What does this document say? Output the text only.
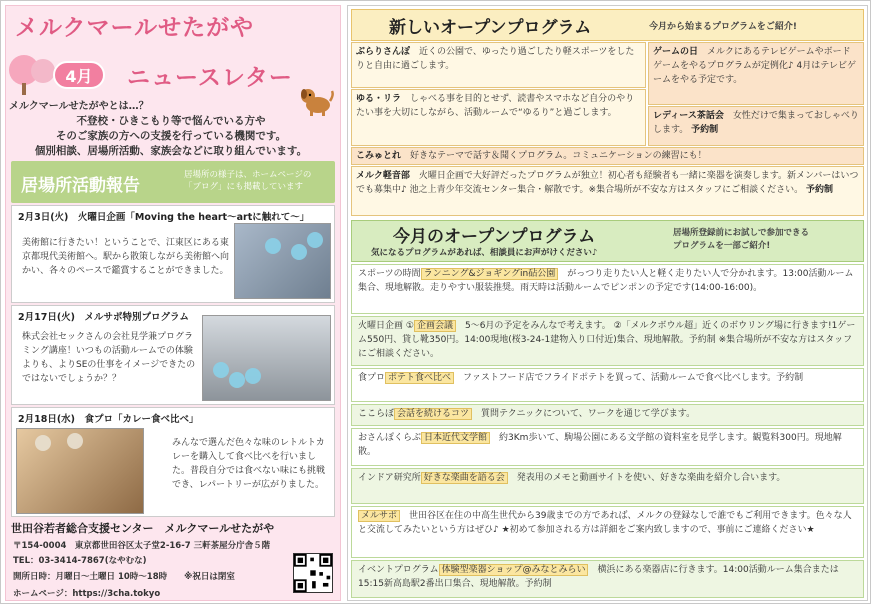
メルクマールせたがや
4月	ニュースレター
メルクマールせたがやとは…？
不登校・ひきこもり等で悩んでいる方や
そのご家族の方への支援を行っている機関です。
個別相談、居場所活動、家族会などに取り組んでいます。
居場所活動報告
居場所の様子は、ホームページの
「ブログ」にも掲載しています
2月3日(火)　火曜日企画「Moving the heart～artに触れて～」
美術館に行きたい！ということで、江東区にある東京都現代美術館へ。駅から散策しながら美術館へ向かい、各々のペースで鑑賞することができました。
2月17日(火)　メルサポ特別プログラム
株式会社セックさんの会社見学兼プログラミング講座！いつもの活動ルームでの体験よりも、よりSEの仕事をイメージできたのではないでしょうか？？
2月18日(水)　食プロ「カレー食べ比べ」
みんなで選んだ色々な味のレトルトカレーを購入して食べ比べを行いました。普段自分では食べない味にも挑戦でき、レパートリーが広がりました。
世田谷若者総合支援センター　メルクマールせたがや
〒154-0004　東京都世田谷区太子堂2-16-7 三軒茶屋分庁舎５階
TEL：03-3414-7867(なやむな)
開所日時：月曜日～土曜日 10時～18時　　※祝日は閉室
ホームページ：https://3cha.tokyo
新しいオープンプログラム	今月から始まるプログラムをご紹介!
ぶらりさんぽ　 近くの公園で、ゆったり過ごしたり軽スポーツをしたりと自由に過ごします。
ゆる・リラ　 しゃべる事を目的とせず、読書やスマホなど自分のやりたい事を大切にしながら、活動ルームで“ゆるり”と過ごします。
ゲームの日　 メルクにあるテレビゲームやボードゲームをやるプログラムが定例化♪ 4月はテレビゲームをやる予定です。
レディース茶話会　 女性だけで集まっておしゃべりします。 予約制
こみゅとれ　 好きなテーマで話す＆聞くプログラム。コミュニケーションの練習にも！
メルク軽音部　 火曜日企画で大好評だったプログラムが独立！初心者も経験者も一緒に楽器を演奏します。新メンバーはいつでも募集中♪ 池之上青少年交流センター集合・解散です。※集合場所が不安な方はスタッフにご相談ください。 予約制
今月のオープンプログラム
気になるプログラムがあれば、相談員にお声がけください♪
居場所登録前にお試しで参加できる
プログラムを一部ご紹介!
スポーツの時間 ランニング&ジョギングin砧公園　 がっつり走りたい人と軽く走りたい人で分かれます。13:00活動ルーム集合、現地解散。走りやすい服装推奨。雨天時は活動ルームでピンポンの予定です(14:00-16:00)。
火曜日企画 ① 企画会議　 5～6月の予定をみんなで考えます。 ②「メルクボウル超」近くのボウリング場に行きます!1ゲーム550円、貸し靴350円。14:00現地(桜3-24-1建物入り口付近)集合、現地解散。予約制 ※集合場所が不安な方はスタッフにご相談ください。
食プロ ポテト食べ比べ　 ファストフード店でフライドポテトを買って、活動ルームで食べ比べします。予約制
ここらぼ 会話を続けるコツ　 質問テクニックについて、ワークを通じて学びます。
おさんぽくらぶ 日本近代文学館　 約3Km歩いて、駒場公園にある文学館の資料室を見学します。観覧料300円。現地解散。
インドア研究所 好きな楽曲を語る会　 発表用のメモと動画サイトを使い、好きな楽曲を紹介し合います。
メルサポ　 世田谷区在住の中高生世代から39歳までの方であれば、メルクの登録なしで誰でもご利用できます。色々な人と交流してみたいという方はぜひ♪ ★初めて参加される方は詳細をご案内致しますので、事前にご連絡ください★
イベントプログラム 体験型楽器ショップ@みなとみらい　 横浜にある楽器店に行きます。14:00活動ルーム集合または15:15新高島駅2番出口集合、現地解散。予約制
